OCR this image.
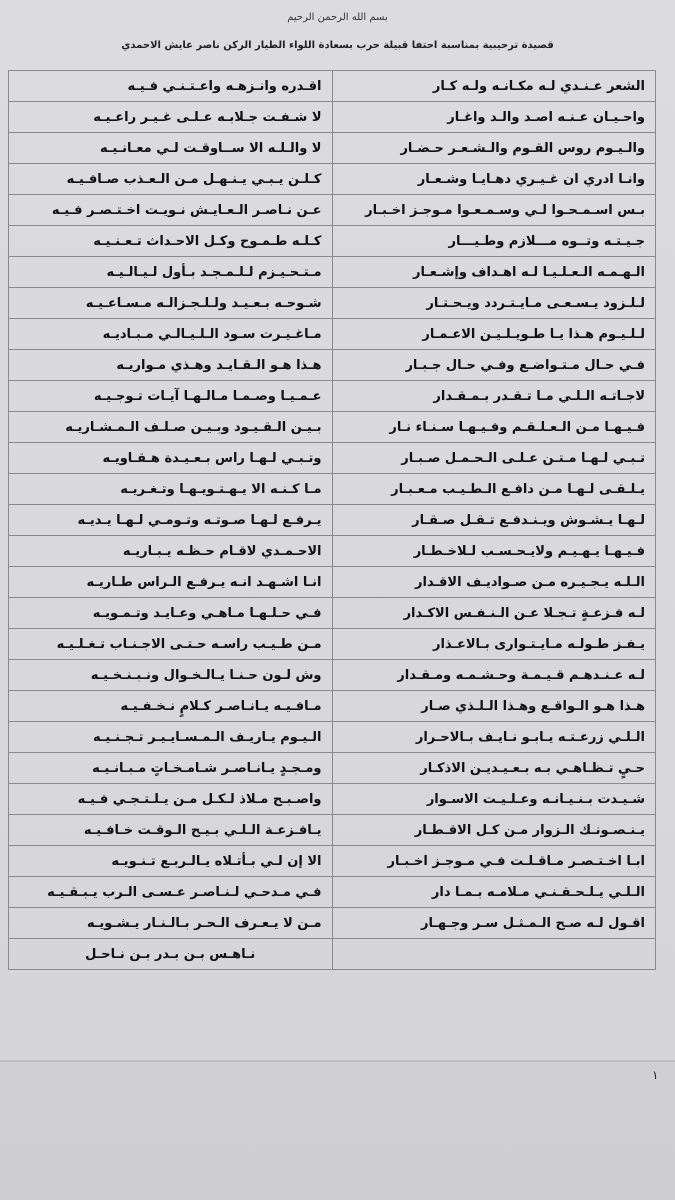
بسم الله الرحمن الرحيم
قصيدة ترحيبية بمناسبة احتفا قبيلة حرب بسعادة اللواء الطيار الركن ناصر عايش الاحمدي
الشعر عـنـدي لـه مكـانـه ولـه كـار	اقـدره وانـزهـه واعـتـنـي فـيـه
واحـيـان عـنـه اصـد والـد واغـار	لا شـفـت جـلابـه عـلـى غـيـر راعـيـه
والـيـوم روس القـوم والـشـعـر حـضـار	لا والـلـه الا ســاوقـت لـي معـانـيـه
وانـا ادري ان غـيـري دهـايـا وشـعـار	كـلـن يـبـي يـنـهـل مـن الـعـذب صـافـيـه
بـس اسـمـحـوا لـي وسـمـعـوا مـوجـز اخـبـار	عـن نـاصـر الـعـايـش نـويـت اخـتـصـر فـيـه
جـيـتـه وتــوه مـــلازم وطـيـــار	كـلـه طـمـوح وكـل الاحـداث تـعـنـيـه
الـهـمـه الـعـلـيـا لـه اهـداف وإشـعـار	مـتـحـيـزم لـلـمـجـد بـأول لـيـالـيـه
لـلـزود يـسـعـى مـايـتـردد ويـحـتـار	شـوحـه بـعـيـد ولـلـجـزالـه مـسـاعـيـه
لـلـيـوم هـذا يـا طـويـلـيـن الاعـمـار	مـاغـيـرت سـود الـلـيـالـي مـبـاديـه
فـي حـال مـتـواضـع وفـي حـال جـبـار	هـذا هـو الـقـايـد وهـذي مـواريـه
لاجـاتـه الـلـي مـا تـقـدر بـمـقـدار	عـمـيـا وصـمـا مـالـهـا آيـات تـوجـيـه
فـيـهـا مـن الـعـلـقـم وفـيـهـا سـنـاء نـار	بـيـن الـقـيـود وبـيـن صـلـف الـمـشـاريـه
تـبـي لـهـا مـتـن عـلـى الـحـمـل صـبـار	وتـبـي لـهـا راس بـعـيـدة هـقـاويـه
يـلـقـى لـهـا مـن دافـع الـطـيـب مـعـبـار	مـا كـنـه الا يـهـتـويـهـا وتـغـريـه
لـهـا يـشـوش ويـنـدفـع تـقـل صـقـار	يـرفـع لـهـا صـوتـه وتـومـي لـهـا يـديـه
فـيـهـا يـهـيـم ولايـحـسـب لـلاخـطـار	الاحـمـدي لاقـام حـظـه يـبـاريـه
الـلـه يـجـيـره مـن صـواديـف الاقـدار	انـا اشـهـد انـه يـرفـع الـراس طـاريـه
لـه فـزعـةٍ تـجـلا عـن الـنـفـس الاكـدار	فـي حـلـهـا مـاهـي وعـايـد وتـمـويـه
يـفـز طـولـه مـايـتـوارى بـالاعـذار	مـن طـيـب راسـه حـتـى الاجـنـاب تـغـلـيـه
لـه عـنـدهـم قـيـمـة وحـشـمـه ومـقـدار	وش لـون حـنـا يـالـخـوال ونـبـنـخـيـه
هـذا هـو الـواقـع وهـذا الـلـذي صـار	مـافـيـه يـانـاصـر كـلامٍ نـخـفـيـه
الـلـي زرعـتـه يـابـو نـايـف بـالاحـرار	الـيـوم يـاريـف الـمـسـايـيـر تـجـنـيـه
حـيٍ تـظـاهـي بـه بـعـيـديـن الاذكـار	ومـجـدٍ يـانـاصـر شـامـخـاتٍ مـبـانـيـه
شـيـدت بـنـيـانـه وعـلـيـت الاسـوار	واصـبـح مـلاذ لـكـل مـن يـلـتـجـي فـيـه
يـنـصـونـك الـزوار مـن كـل الاقـطـار	يـافـزعـة الـلـي بـيـح الـوقـت خـافـيـه
ابـا اخـتـصـر مـاقـلـت فـي مـوجـز اخـبـار	الا إن لـي بـأتـلاه يـالـربـع تـنـويـه
الـلـي يـلـحـقـنـي مـلامـه بـمـا دار	فـي مـدحـي لـنـاصـر عـسـى الـرب يـبـقـيـه
اقـول لـه صـح الـمـثـل سـر وجـهـار	مـن لا يـعـرف الـحـر بـالـنـار يـشـويـه
	نـاهـس بـن بـدر بـن نـاحـل
١
